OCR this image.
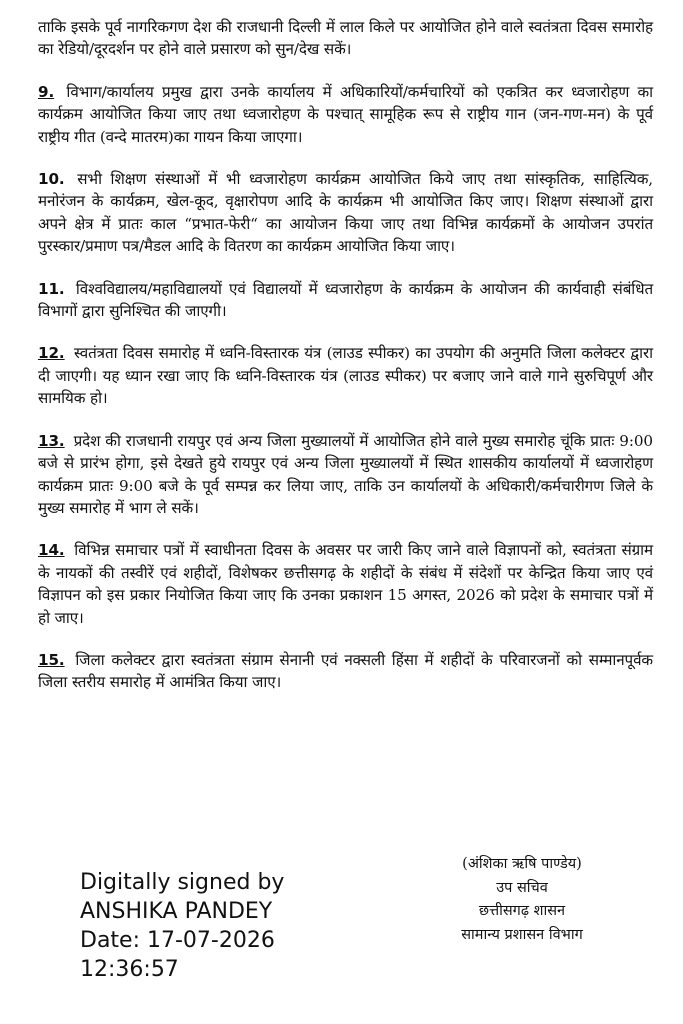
ताकि इसके पूर्व नागरिकगण देश की राजधानी दिल्ली में लाल किले पर आयोजित होने वाले स्वतंत्रता दिवस समारोह का रेडियो/दूरदर्शन पर होने वाले प्रसारण को सुन/देख सकें।

9. विभाग/कार्यालय प्रमुख द्वारा उनके कार्यालय में अधिकारियों/कर्मचारियों को एकत्रित कर ध्वजारोहण का कार्यक्रम आयोजित किया जाए तथा ध्वजारोहण के पश्चात् सामूहिक रूप से राष्ट्रीय गान (जन-गण-मन) के पूर्व राष्ट्रीय गीत (वन्दे मातरम)का गायन किया जाएगा।

10. सभी शिक्षण संस्थाओं में भी ध्वजारोहण कार्यक्रम आयोजित किये जाए तथा सांस्कृतिक, साहित्यिक, मनोरंजन के कार्यक्रम, खेल-कूद, वृक्षारोपण आदि के कार्यक्रम भी आयोजित किए जाए। शिक्षण संस्थाओं द्वारा अपने क्षेत्र में प्रातः काल “प्रभात-फेरी“ का आयोजन किया जाए तथा विभिन्न कार्यक्रमों के आयोजन उपरांत पुरस्कार/प्रमाण पत्र/मैडल आदि के वितरण का कार्यक्रम आयोजित किया जाए।

11. विश्वविद्यालय/महाविद्यालयों एवं विद्यालयों में ध्वजारोहण के कार्यक्रम के आयोजन की कार्यवाही संबंधित विभागों द्वारा सुनिश्चित की जाएगी।

12. स्वतंत्रता दिवस समारोह में ध्वनि-विस्तारक यंत्र (लाउड स्पीकर) का उपयोग की अनुमति जिला कलेक्टर द्वारा दी जाएगी। यह ध्यान रखा जाए कि ध्वनि-विस्तारक यंत्र (लाउड स्पीकर) पर बजाए जाने वाले गाने सुरुचिपूर्ण और सामयिक हो।

13. प्रदेश की राजधानी रायपुर एवं अन्य जिला मुख्यालयों में आयोजित होने वाले मुख्य समारोह चूंकि प्रातः 9:00 बजे से प्रारंभ होगा, इसे देखते हुये रायपुर एवं अन्य जिला मुख्यालयों में स्थित शासकीय कार्यालयों में ध्वजारोहण कार्यक्रम प्रातः 9:00 बजे के पूर्व सम्पन्न कर लिया जाए, ताकि उन कार्यालयों के अधिकारी/कर्मचारीगण जिले के मुख्य समारोह में भाग ले सकें।

14. विभिन्न समाचार पत्रों में स्वाधीनता दिवस के अवसर पर जारी किए जाने वाले विज्ञापनों को, स्वतंत्रता संग्राम के नायकों की तस्वीरें एवं शहीदों, विशेषकर छत्तीसगढ़ के शहीदों के संबंध में संदेशों पर केन्द्रित किया जाए एवं विज्ञापन को इस प्रकार नियोजित किया जाए कि उनका प्रकाशन 15 अगस्त, 2026 को प्रदेश के समाचार पत्रों में हो जाए।

15. जिला कलेक्टर द्वारा स्वतंत्रता संग्राम सेनानी एवं नक्सली हिंसा में शहीदों के परिवारजनों को सम्मानपूर्वक जिला स्तरीय समारोह में आमंत्रित किया जाए।

Digitally signed by
ANSHIKA PANDEY
Date: 17-07-2026
12:36:57
(अंशिका ऋषि पाण्डेय)
उप सचिव
छत्तीसगढ़ शासन
सामान्य प्रशासन विभाग
